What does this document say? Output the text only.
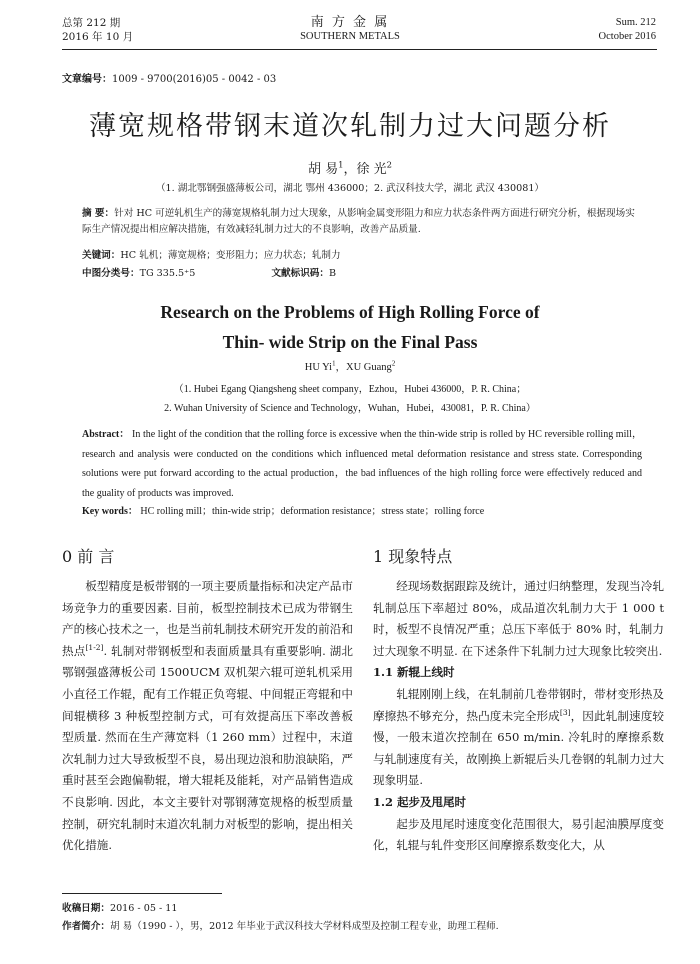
总第 212 期
2016 年 10 月
南 方 金 属
SOUTHERN METALS
Sum. 212
October 2016
文章编号：1009 - 9700(2016)05 - 0042 - 03
薄宽规格带钢末道次轧制力过大问题分析
胡 易$^1$，徐 光$^2$
（1. 湖北鄂钢强盛薄板公司，湖北 鄂州 436000；2. 武汉科技大学，湖北 武汉 430081）
摘 要：针对 HC 可逆轧机生产的薄宽规格轧制力过大现象，从影响金属变形阻力和应力状态条件两方面进行研究分析，根据现场实际生产情况提出相应解决措施，有效减轻轧制力过大的不良影响，改善产品质量.
关键词：HC 轧机；薄宽规格；变形阻力；应力状态；轧制力
中图分类号：TG 335.5⁺5	文献标识码：B
Research on the Problems of High Rolling Force of
Thin- wide Strip on the Final Pass
HU Yi$^1$，XU Guang$^2$
（1. Hubei Egang Qiangsheng sheet company，Ezhou，Hubei 436000，P. R. China；
2. Wuhan University of Science and Technology，Wuhan，Hubei，430081，P. R. China）
Abstract： In the light of the condition that the rolling force is excessive when the thin-wide strip is rolled by HC reversible rolling mill，research and analysis were conducted on the conditions which influenced metal deformation resistance and stress state. Corresponding solutions were put forward according to the actual production，the bad influences of the high rolling force were effectively reduced and the guality of products was improved.
Key words： HC rolling mill；thin-wide strip；deformation resistance；stress state；rolling force
0 前 言

板型精度是板带钢的一项主要质量指标和决定产品市场竞争力的重要因素. 目前，板型控制技术已成为带钢生产的核心技术之一，也是当前轧制技术研究开发的前沿和热点[1-2]. 轧制对带钢板型和表面质量具有重要影响. 湖北鄂钢强盛薄板公司 1500UCM 双机架六辊可逆轧机采用小直径工作辊，配有工作辊正负弯辊、中间辊正弯辊和中间辊横移 3 种板型控制方式，可有效提高压下率改善板型质量. 然而在生产薄宽料（1 260 mm）过程中，末道次轧制力过大导致板型不良，易出现边浪和肋浪缺陷，严重时甚至会跑偏勒辊，增大辊耗及能耗，对产品销售造成不良影响. 因此，本文主要针对鄂钢薄宽规格的板型质量控制，研究轧制时末道次轧制力对板型的影响，提出相关优化措施.

1 现象特点

经现场数据跟踪及统计，通过归纳整理，发现当冷轧轧制总压下率超过 80%，成品道次轧制力大于 1 000 t 时，板型不良情况严重；总压下率低于 80% 时，轧制力过大现象不明显. 在下述条件下轧制力过大现象比较突出.

1.1 新辊上线时

轧辊刚刚上线，在轧制前几卷带钢时，带材变形热及摩擦热不够充分，热凸度未完全形成[3]，因此轧制速度较慢，一般末道次控制在 650 m/min. 冷轧时的摩擦系数与轧制速度有关，故刚换上新辊后头几卷钢的轧制力过大现象明显.

1.2 起步及甩尾时

起步及甩尾时速度变化范围很大，易引起油膜厚度变化，轧辊与轧件变形区间摩擦系数变化大，从

收稿日期：2016 - 05 - 11
作者简介：胡 易（1990 - ），男，2012 年毕业于武汉科技大学材料成型及控制工程专业，助理工程师.
